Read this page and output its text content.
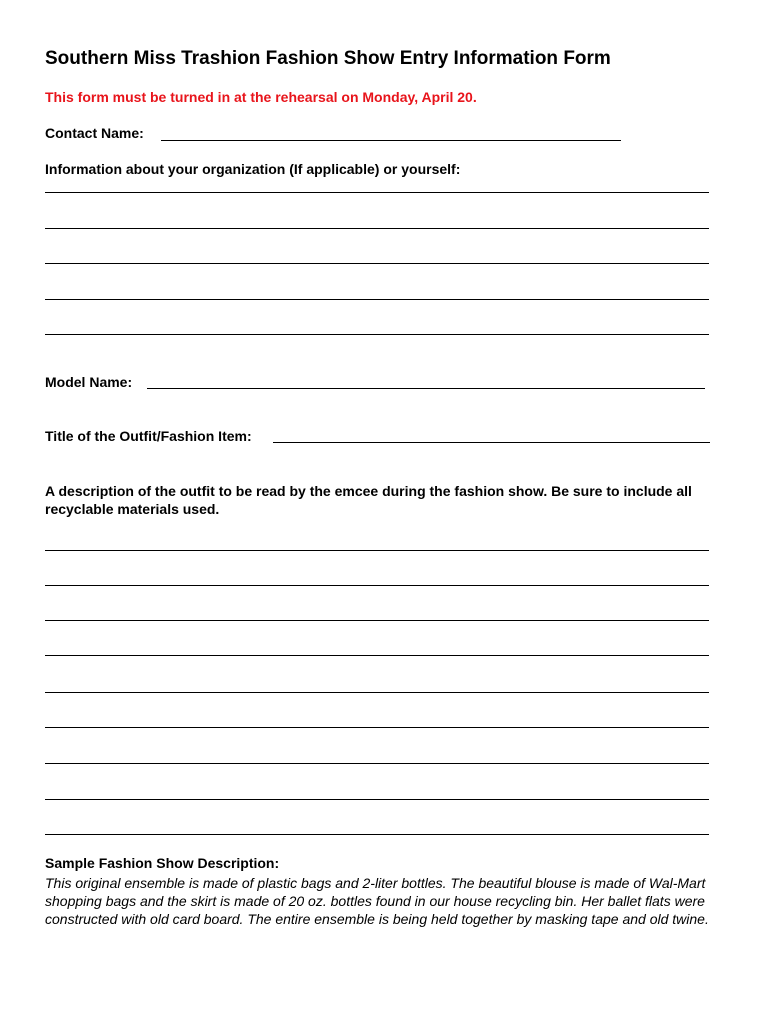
Southern Miss Trashion Fashion Show Entry Information Form

This form must be turned in at the rehearsal on Monday, April 20.

Contact Name:
Information about your organization (If applicable) or yourself:
Model Name:
Title of the Outfit/Fashion Item:

A description of the outfit to be read by the emcee during the fashion show. Be sure to include all recyclable materials used.

Sample Fashion Show Description:

This original ensemble is made of plastic bags and 2-liter bottles. The beautiful blouse is made of Wal-Mart shopping bags and the skirt is made of 20 oz. bottles found in our house recycling bin. Her ballet flats were constructed with old card board. The entire ensemble is being held together by masking tape and old twine.
